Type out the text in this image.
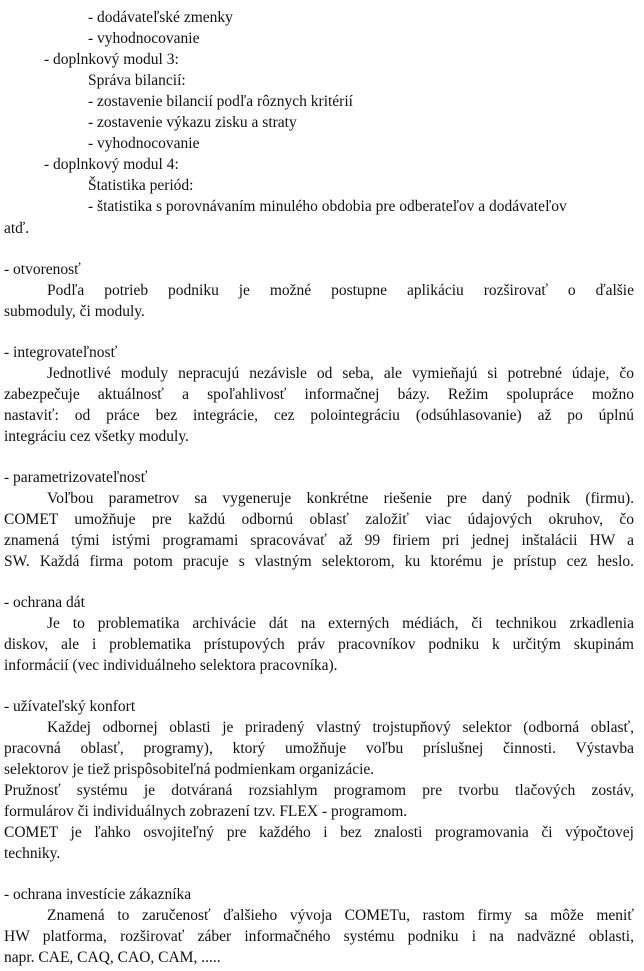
- dodávateľské zmenky
- vyhodnocovanie
- doplnkový modul 3:
Správa bilancií:
- zostavenie bilancií podľa rôznych kritérií
- zostavenie výkazu zisku a straty
- vyhodnocovanie
- doplnkový modul 4:
Štatistika periód:
- štatistika s porovnávaním minulého obdobia pre odberateľov a dodávateľov
atď.
- otvorenosť
Podľa potrieb podniku je možné postupne aplikáciu rozširovať o ďalšie
submoduly, či moduly.
- integrovateľnosť
Jednotlivé moduly nepracujú nezávisle od seba, ale vymieňajú si potrebné údaje, čo
zabezpečuje aktuálnosť a spoľahlivosť informačnej bázy. Režim spolupráce možno
nastaviť: od práce bez integrácie, cez polointegráciu (odsúhlasovanie) až po úplnú
integráciu cez všetky moduly.
- parametrizovateľnosť
Voľbou parametrov sa vygeneruje konkrétne riešenie pre daný podnik (firmu).
COMET umožňuje pre každú odbornú oblasť založiť viac údajových okruhov, čo
znamená tými istými programami spracovávať až 99 firiem pri jednej inštalácii HW a
SW. Každá firma potom pracuje s vlastným selektorom, ku ktorému je prístup cez heslo.
- ochrana dát
Je to problematika archivácie dát na externých médiách, či technikou zrkadlenia
diskov, ale i problematika prístupových práv pracovníkov podniku k určitým skupinám
informácií (vec individuálneho selektora pracovníka).
- užívateľský konfort
Každej odbornej oblasti je priradený vlastný trojstupňový selektor (odborná oblasť,
pracovná oblasť, programy), ktorý umožňuje voľbu príslušnej činnosti. Výstavba
selektorov je tiež prispôsobiteľná podmienkam organizácie.
Pružnosť systému je dotváraná rozsiahlym programom pre tvorbu tlačových zostáv,
formulárov či individuálnych zobrazení tzv. FLEX - programom.
COMET je ľahko osvojiteľný pre každého i bez znalosti programovania či výpočtovej
techniky.
- ochrana investície zákazníka
Znamená to zaručenosť ďalšieho vývoja COMETu, rastom firmy sa môže meniť
HW platforma, rozširovať záber informačného systému podniku i na nadväzné oblasti,
napr. CAE, CAQ, CAO, CAM, .....
